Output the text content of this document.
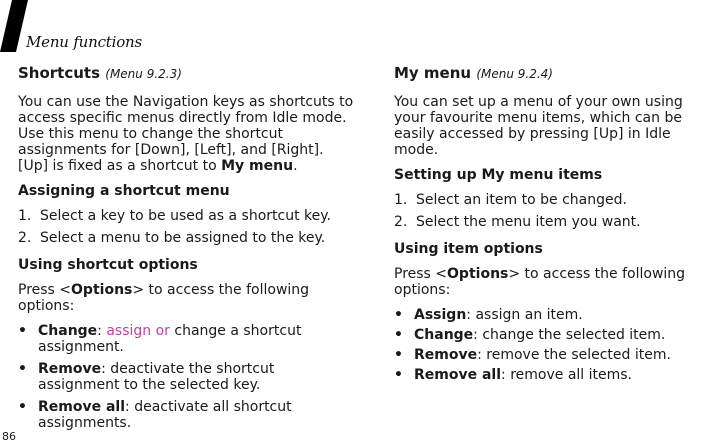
Menu functions
Shortcuts (Menu 9.2.3)

You can use the Navigation keys as shortcuts to access specific menus directly from Idle mode. Use this menu to change the shortcut assignments for [Down], [Left], and [Right]. [Up] is fixed as a shortcut to My menu.

Assigning a shortcut menu
1. Select a key to be used as a shortcut key.
2. Select a menu to be assigned to the key.
Using shortcut options

Press <Options> to access the following options:

• Change: assign or change a shortcut assignment.
• Remove: deactivate the shortcut assignment to the selected key.
• Remove all: deactivate all shortcut assignments.
My menu (Menu 9.2.4)

You can set up a menu of your own using your favourite menu items, which can be easily accessed by pressing [Up] in Idle mode.

Setting up My menu items
1. Select an item to be changed.
2. Select the menu item you want.
Using item options

Press <Options> to access the following options:

• Assign: assign an item.
• Change: change the selected item.
• Remove: remove the selected item.
• Remove all: remove all items.
86
